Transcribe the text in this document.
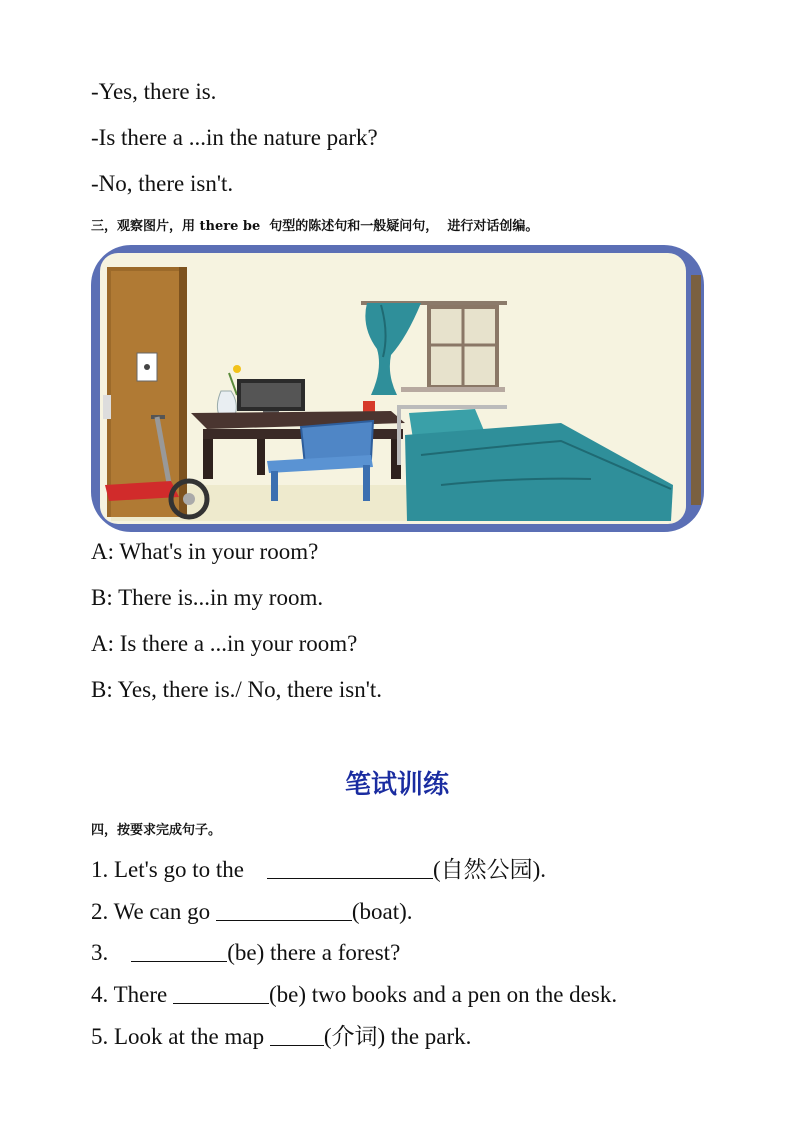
-Yes, there is.
-Is there a ...in the nature park?
-No, there isn't.
三，观察图片，用 there be  句型的陈述句和一般疑问句，  进行对话创编。
A: What's in your room?
B: There is...in my room.
A: Is there a ...in your room?
B: Yes, there is./ No, there isn't.
笔试训练
四，按要求完成句子。
1. Let's go to the	(自然公园).
2. We can go	(boat).
3.	(be) there a forest?
4. There	(be) two books and a pen on the desk.
5. Look at the map (介词) the park.
